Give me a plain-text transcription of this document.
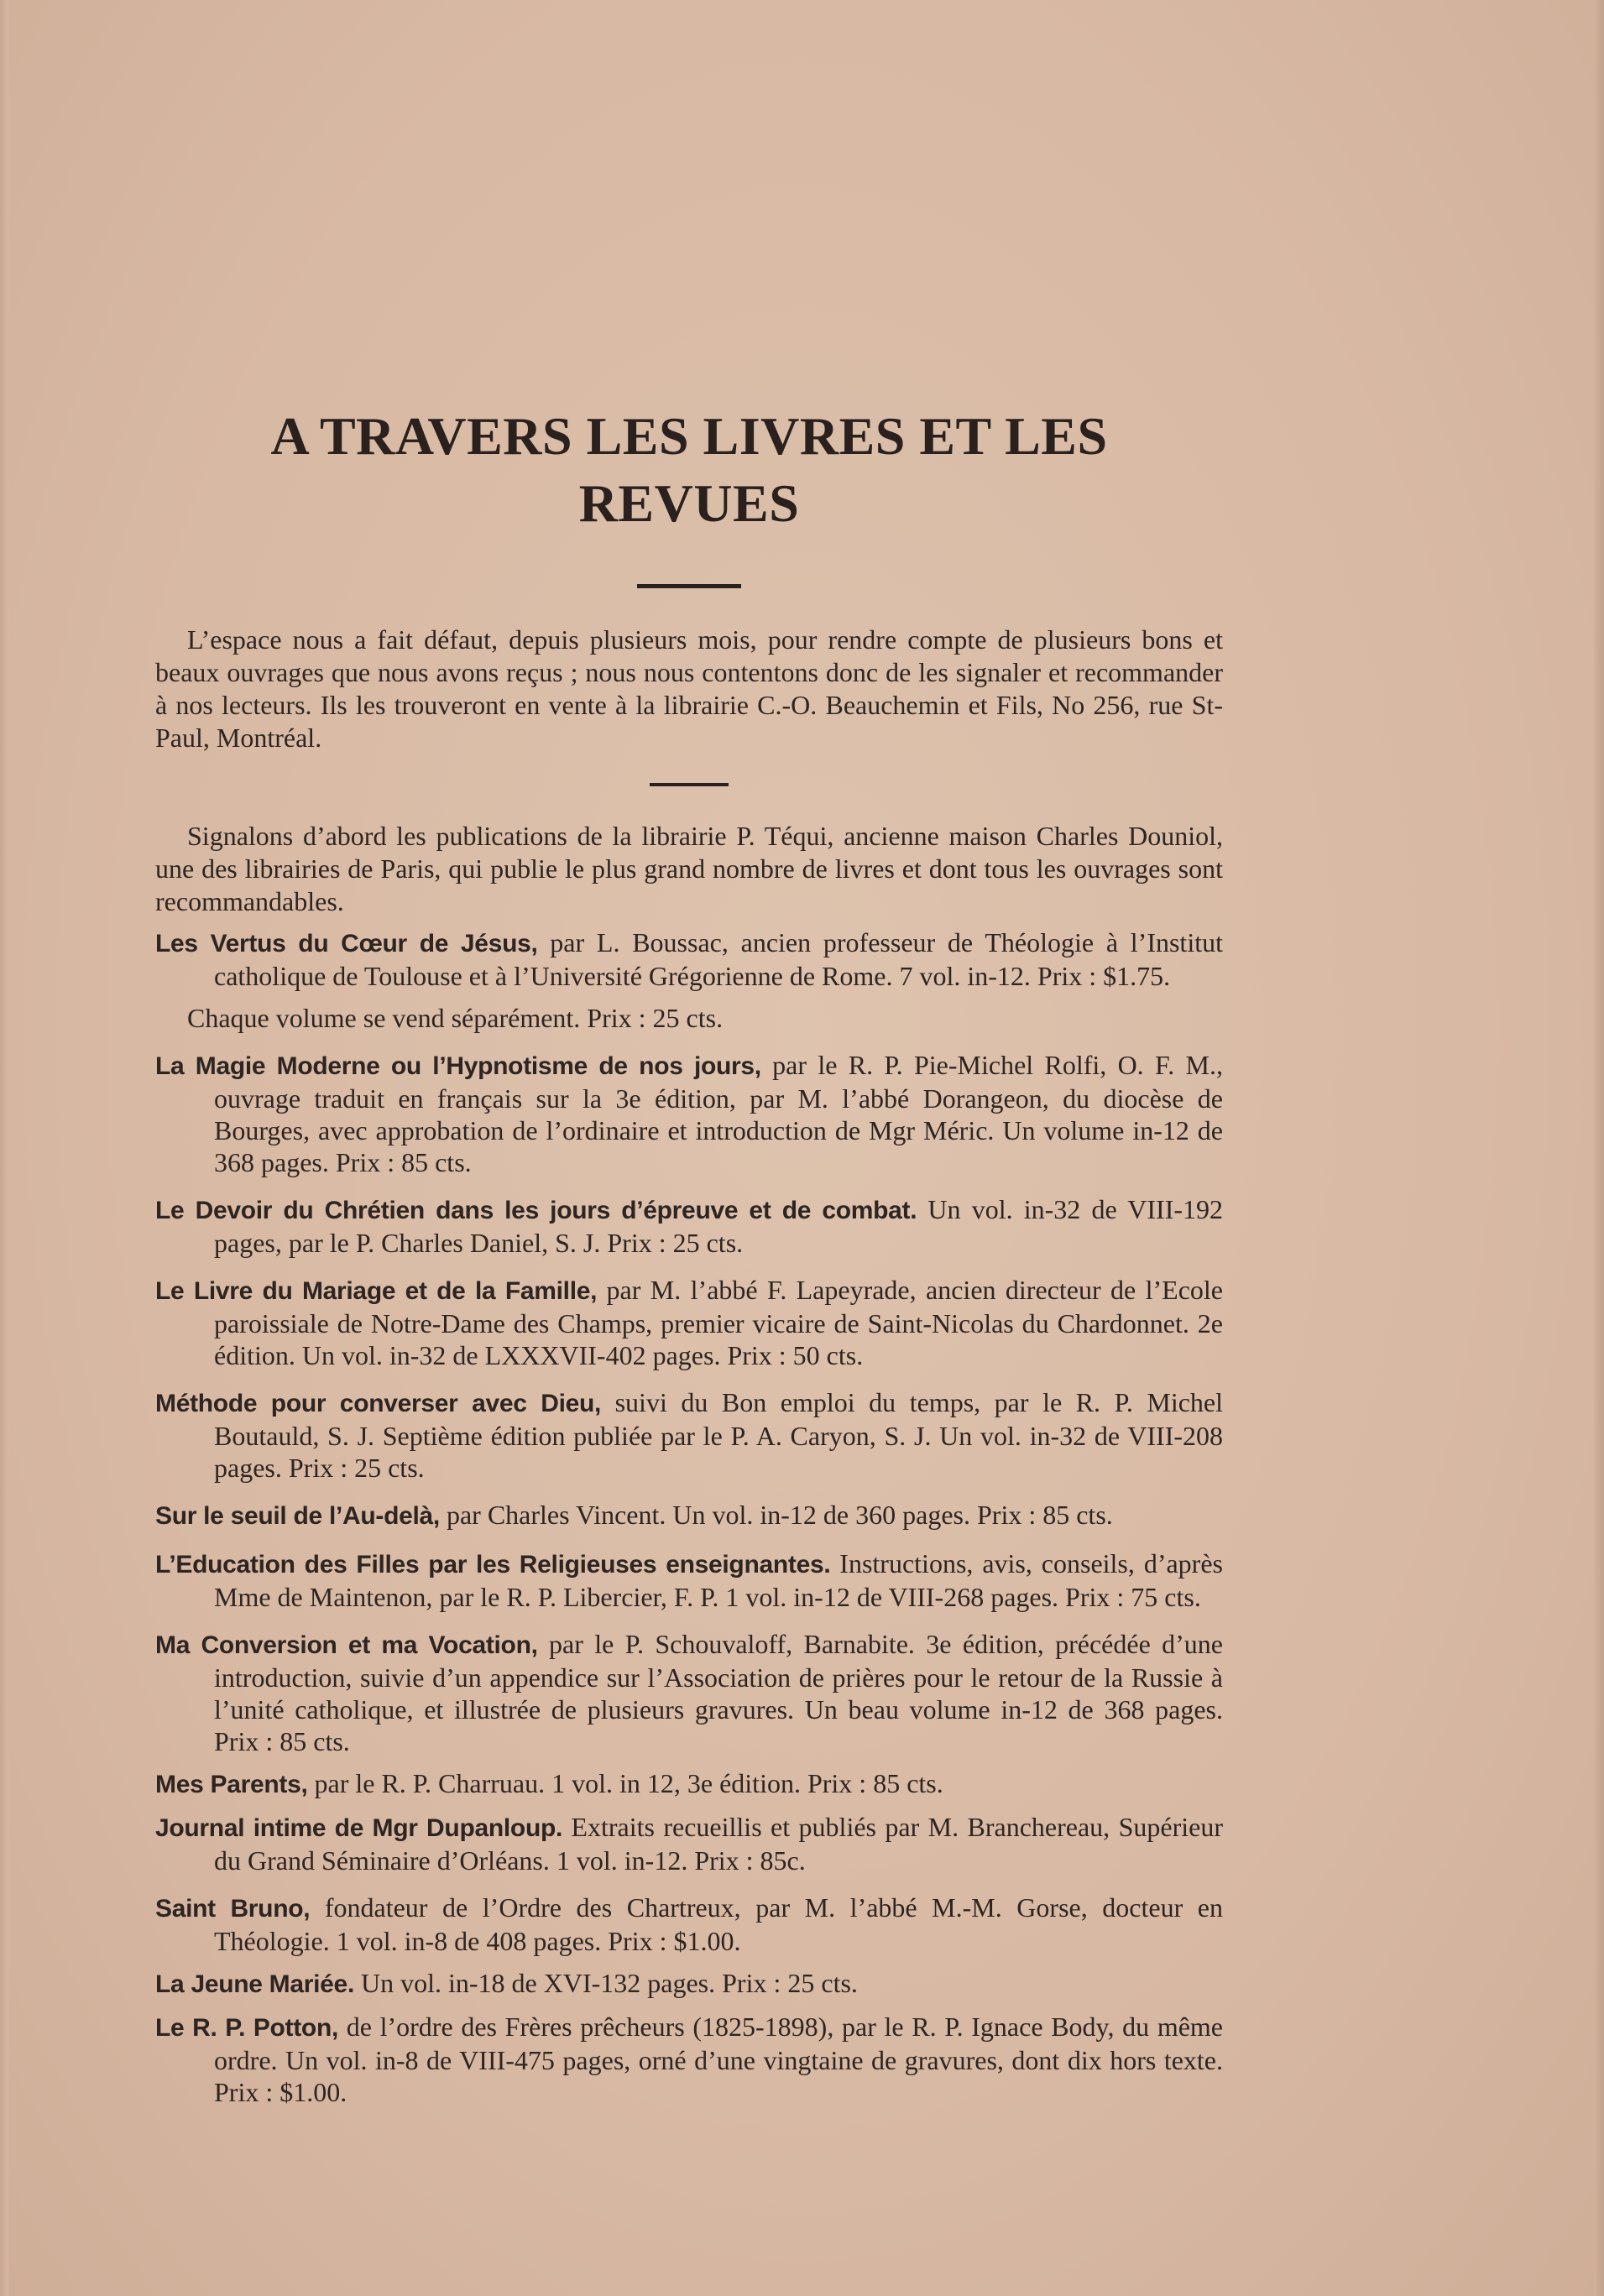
A TRAVERS LES LIVRES ET LES REVUES

L’espace nous a fait défaut, depuis plusieurs mois, pour rendre compte de plusieurs bons et beaux ouvrages que nous avons reçus ; nous nous contentons donc de les signaler et recommander à nos lecteurs. Ils les trouveront en vente à la librairie C.-O. Beauchemin et Fils, No 256, rue St-Paul, Montréal.

Signalons d’abord les publications de la librairie P. Téqui, ancienne maison Charles Douniol, une des librairies de Paris, qui publie le plus grand nombre de livres et dont tous les ouvrages sont recommandables.

Les Vertus du Cœur de Jésus, par L. Boussac, ancien professeur de Théologie à l’Institut catholique de Toulouse et à l’Université Grégorienne de Rome. 7 vol. in-12. Prix : $1.75.

Chaque volume se vend séparément. Prix : 25 cts.

La Magie Moderne ou l’Hypnotisme de nos jours, par le R. P. Pie-Michel Rolfi, O. F. M., ouvrage traduit en français sur la 3e édition, par M. l’abbé Dorangeon, du diocèse de Bourges, avec approbation de l’ordinaire et introduction de Mgr Méric. Un volume in-12 de 368 pages. Prix : 85 cts.

Le Devoir du Chrétien dans les jours d’épreuve et de combat. Un vol. in-32 de VIII-192 pages, par le P. Charles Daniel, S. J. Prix : 25 cts.

Le Livre du Mariage et de la Famille, par M. l’abbé F. Lapeyrade, ancien directeur de l’Ecole paroissiale de Notre-Dame des Champs, premier vicaire de Saint-Nicolas du Chardonnet. 2e édition. Un vol. in-32 de LXXXVII-402 pages. Prix : 50 cts.

Méthode pour converser avec Dieu, suivi du Bon emploi du temps, par le R. P. Michel Boutauld, S. J. Septième édition publiée par le P. A. Caryon, S. J. Un vol. in-32 de VIII-208 pages. Prix : 25 cts.

Sur le seuil de l’Au-delà, par Charles Vincent. Un vol. in-12 de 360 pages. Prix : 85 cts.

L’Education des Filles par les Religieuses enseignantes. Instructions, avis, conseils, d’après Mme de Maintenon, par le R. P. Libercier, F. P. 1 vol. in-12 de VIII-268 pages. Prix : 75 cts.

Ma Conversion et ma Vocation, par le P. Schouvaloff, Barnabite. 3e édition, précédée d’une introduction, suivie d’un appendice sur l’Association de prières pour le retour de la Russie à l’unité catholique, et illustrée de plusieurs gravures. Un beau volume in-12 de 368 pages. Prix : 85 cts.

Mes Parents, par le R. P. Charruau. 1 vol. in 12, 3e édition. Prix : 85 cts.

Journal intime de Mgr Dupanloup. Extraits recueillis et publiés par M. Branchereau, Supérieur du Grand Séminaire d’Orléans. 1 vol. in-12. Prix : 85c.

Saint Bruno, fondateur de l’Ordre des Chartreux, par M. l’abbé M.-M. Gorse, docteur en Théologie. 1 vol. in-8 de 408 pages. Prix : $1.00.

La Jeune Mariée. Un vol. in-18 de XVI-132 pages. Prix : 25 cts.

Le R. P. Potton, de l’ordre des Frères prêcheurs (1825-1898), par le R. P. Ignace Body, du même ordre. Un vol. in-8 de VIII-475 pages, orné d’une vingtaine de gravures, dont dix hors texte. Prix : $1.00.
